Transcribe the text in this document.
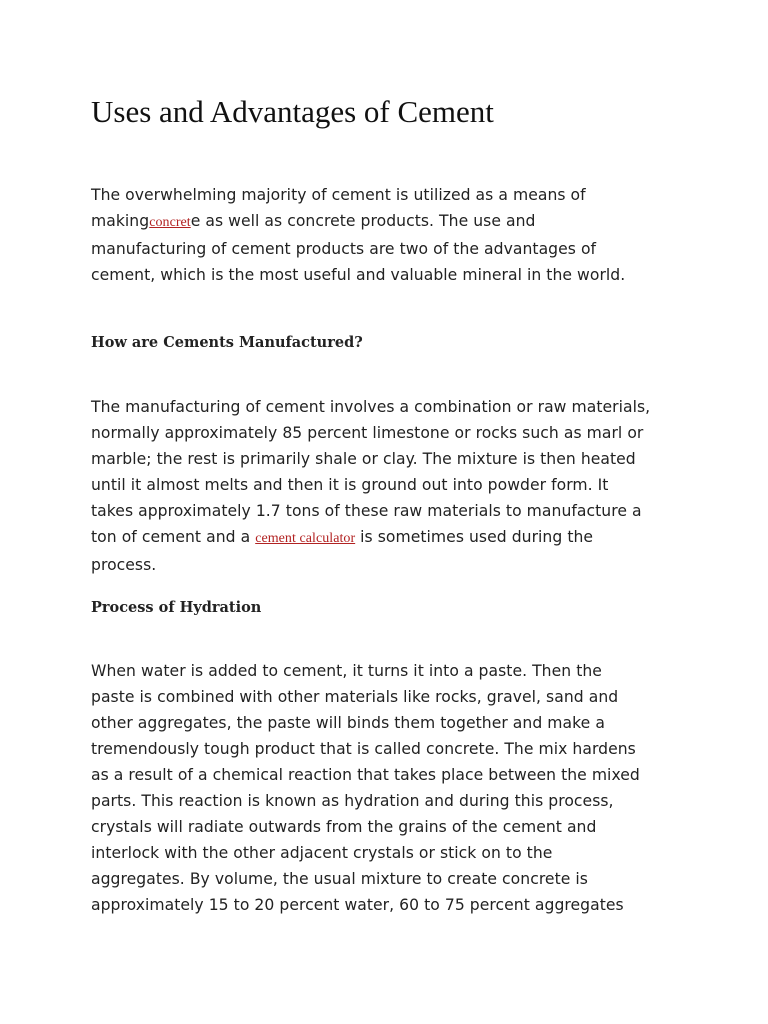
Uses and Advantages of Cement
The overwhelming majority of cement is utilized as a means of
makingconcrete as well as concrete products. The use and
manufacturing of cement products are two of the advantages of
cement, which is the most useful and valuable mineral in the world.
How are Cements Manufactured?
The manufacturing of cement involves a combination or raw materials,
normally approximately 85 percent limestone or rocks such as marl or
marble; the rest is primarily shale or clay. The mixture is then heated
until it almost melts and then it is ground out into powder form. It
takes approximately 1.7 tons of these raw materials to manufacture a
ton of cement and a cement calculator is sometimes used during the
process.
Process of Hydration
When water is added to cement, it turns it into a paste. Then the
paste is combined with other materials like rocks, gravel, sand and
other aggregates, the paste will binds them together and make a
tremendously tough product that is called concrete. The mix hardens
as a result of a chemical reaction that takes place between the mixed
parts. This reaction is known as hydration and during this process,
crystals will radiate outwards from the grains of the cement and
interlock with the other adjacent crystals or stick on to the
aggregates. By volume, the usual mixture to create concrete is
approximately 15 to 20 percent water, 60 to 75 percent aggregates
